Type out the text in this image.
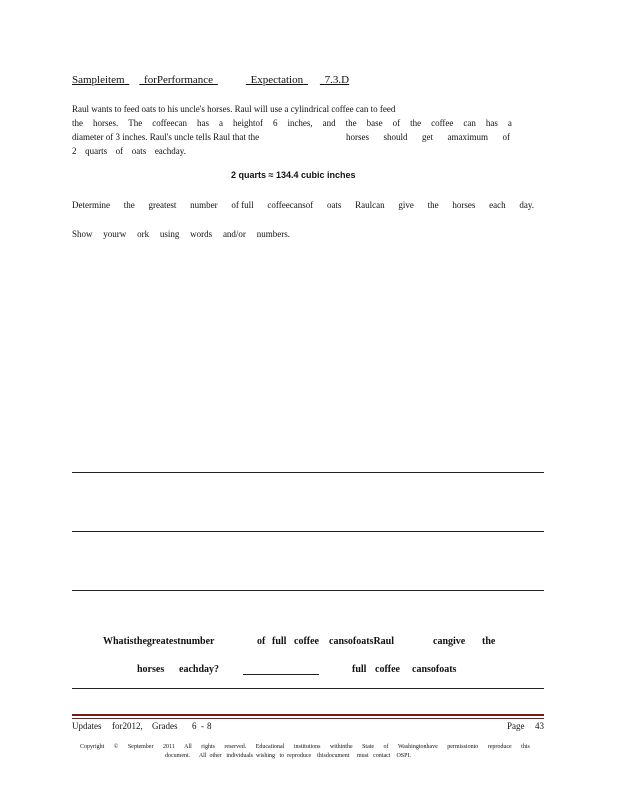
Sampleitem forPerformance	Expectation 7.3.D
Raul wants to feed oats to his uncle's horses. Raul will use a cylindrical coffee can to feed
the horses. The coffeecan has a heightof 6 inches, and the base of the coffee can has a
diameter of 3 inches. Raul's uncle tells Raul that the	horses should get amaximum of
2 quarts of oats eachday.
2 quarts ≈ 134.4 cubic inches
Determine the greatest number of full coffeecansof oats Raulcan give the horses each day.
Show yourw ork using words and/or numbers.
Whatisthegreatestnumber	of full coffee cansofoatsRaul	cangive the
horses eachday?	full coffee cansofoats
Updates for2012, Grades 6 - 8	Page 43
Copyright © September 2011 All rights reserved. Educational institutions withinthe State of Washingtonhave permissionto reproduce this
document.      All  other   individuals  wishing   to  reproduce    thisdocument     must   contact    OSPI.
